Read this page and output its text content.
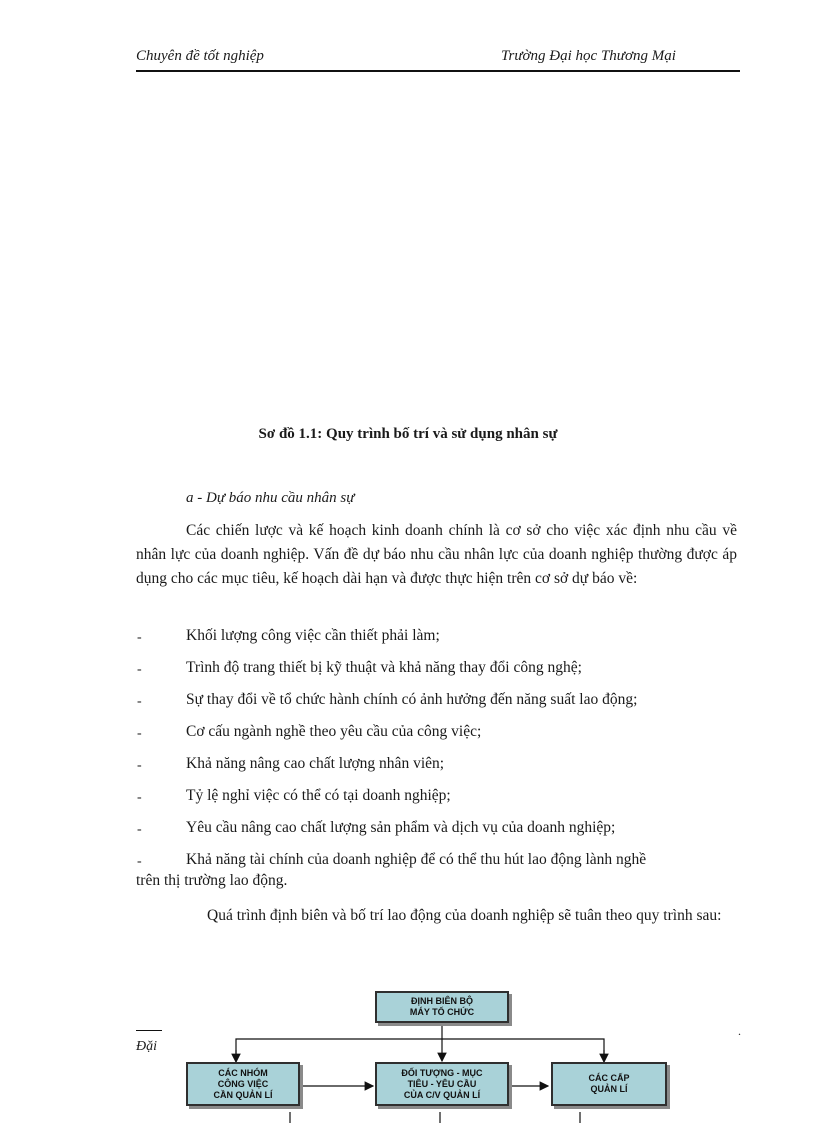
Chuyên đề tốt nghiệp	Trường Đại học Thương Mại
Sơ đồ 1.1: Quy trình bố trí và sử dụng nhân sự
a - Dự báo nhu cầu nhân sự
Các chiến lược và kế hoạch kinh doanh chính là cơ sở cho việc xác định nhu cầu về nhân lực của doanh nghiệp. Vấn đề dự báo nhu cầu nhân lực của doanh nghiệp thường được áp dụng cho các mục tiêu, kế hoạch dài hạn và được thực hiện trên cơ sở dự báo về:
-	Khối lượng công việc cần thiết phải làm;
-	Trình độ trang thiết bị kỹ thuật và khả năng thay đổi công nghệ;
-	Sự thay đổi về tổ chức hành chính có ảnh hưởng đến năng suất lao động;
-	Cơ cấu ngành nghề theo yêu cầu của công việc;
-	Khả năng nâng cao chất lượng nhân viên;
-	Tỷ lệ nghỉ việc có thể có tại doanh nghiệp;
-	Yêu cầu nâng cao chất lượng sản phẩm và dịch vụ của doanh nghiệp;
-	Khả năng tài chính của doanh nghiệp để có thể thu hút lao động lành nghề
trên thị trường lao động.
Quá trình định biên và bố trí lao động của doanh nghiệp sẽ tuân theo quy trình sau:
ĐỊNH BIÊN BỘ
MÁY TỔ CHỨC
CÁC NHÓM
CÔNG VIỆC
CẦN QUẢN LÍ
ĐỐI TƯỢNG - MỤC
TIÊU - YÊU CẦU
CỦA C/V QUẢN LÍ
CÁC CẤP
QUẢN LÍ
Đặi
.
